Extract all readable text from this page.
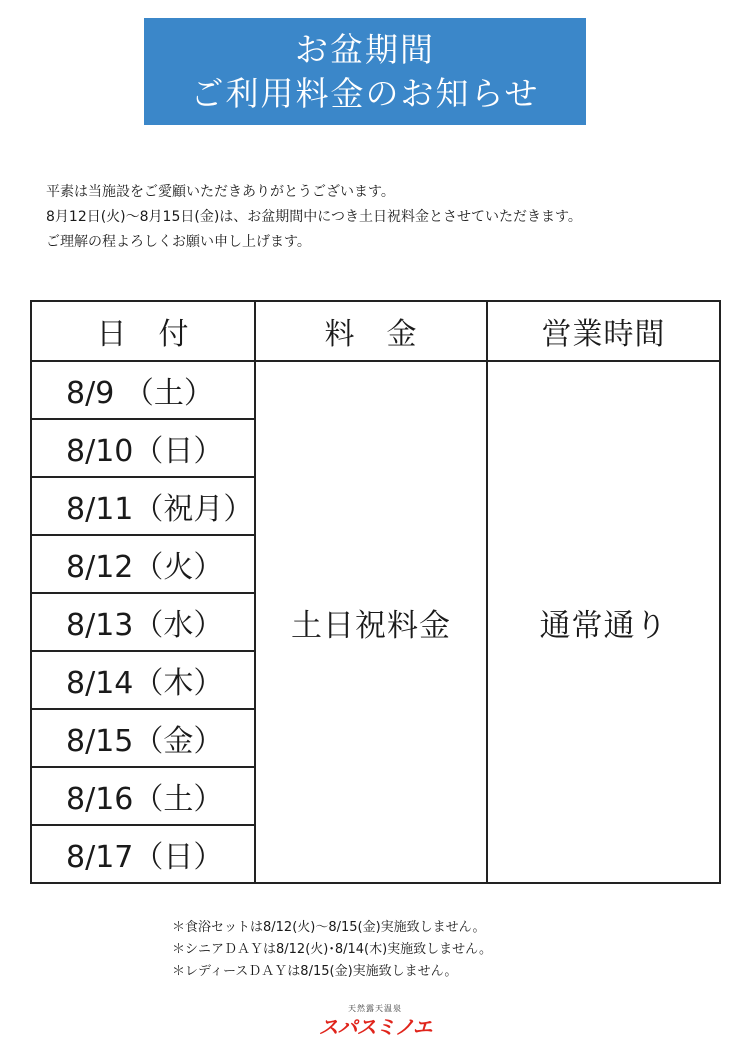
お盆期間
ご利用料金のお知らせ

平素は当施設をご愛顧いただきありがとうございます。

8月12日(火)～8月15日(金)は、お盆期間中につき土日祝料金とさせていただきます。

ご理解の程よろしくお願い申し上げます。

日　付	料　金	営業時間
8/9 （土）	土日祝料金	通常通り
8/10（日）		
8/11（祝月）		
8/12（火）		
8/13（水）		
8/14（木）		
8/15（金）		
8/16（土）		
8/17（日）		

＊食浴セットは8/12(火)～8/15(金)実施致しません。

＊シニアＤＡＹは8/12(火)･8/14(木)実施致しません。

＊レディースＤＡＹは8/15(金)実施致しません。

天然露天温泉
スパスミノエ
